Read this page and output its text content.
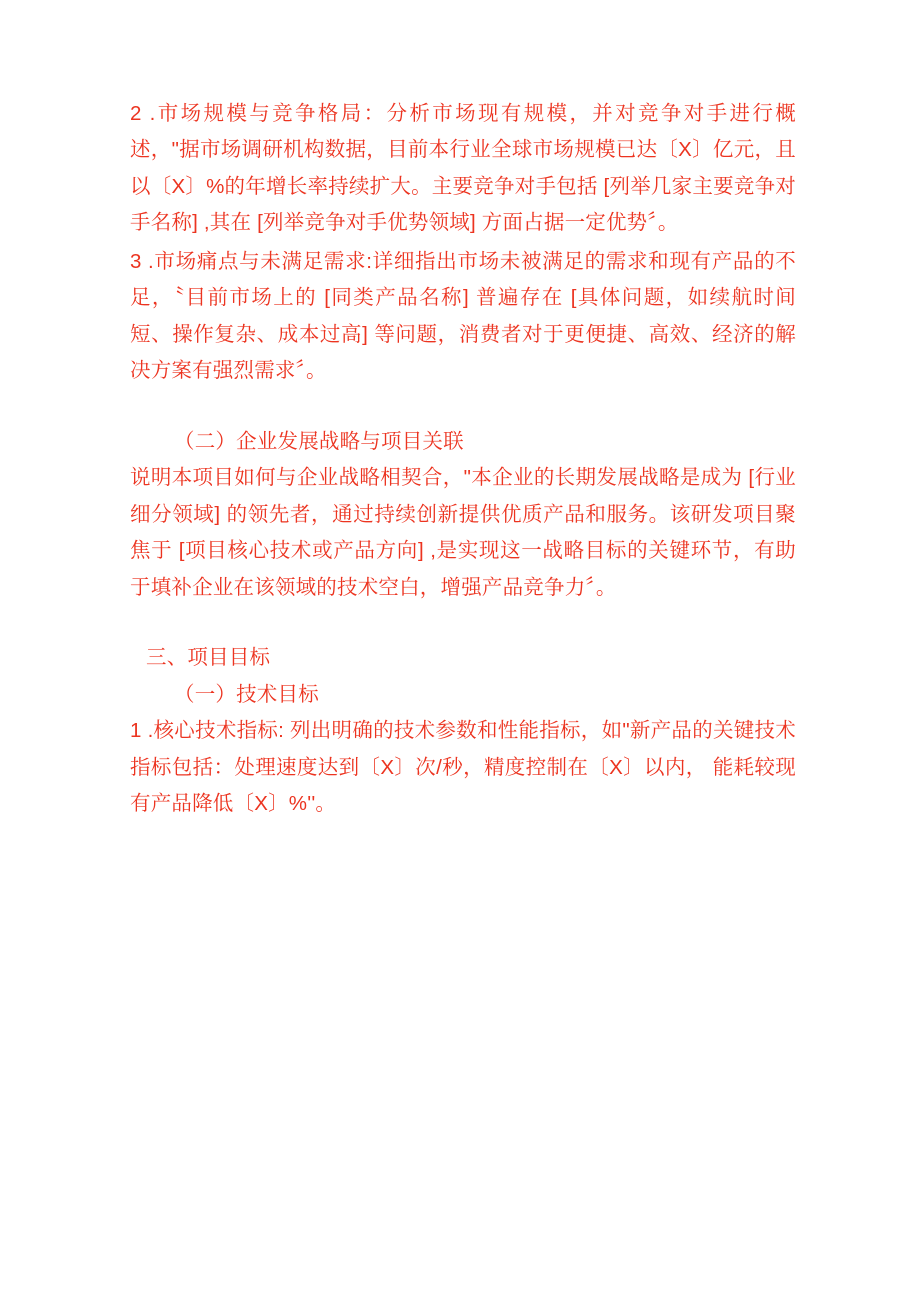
2 .市场规模与竞争格局：分析市场现有规模，并对竞争对手进行概述，"据市场调研机构数据，目前本行业全球市场规模已达〔X〕亿元，且以〔X〕%的年增长率持续扩大。主要竞争对手包括 [列举几家主要竞争对手名称] ,其在 [列举竞争对手优势领域] 方面占据一定优势〞。

3 .市场痛点与未满足需求:详细指出市场未被满足的需求和现有产品的不足，〝目前市场上的 [同类产品名称] 普遍存在 [具体问题，如续航时间短、操作复杂、成本过高] 等问题，消费者对于更便捷、高效、经济的解决方案有强烈需求〞。

（二）企业发展战略与项目关联

说明本项目如何与企业战略相契合，"本企业的长期发展战略是成为 [行业细分领域] 的领先者，通过持续创新提供优质产品和服务。该研发项目聚焦于 [项目核心技术或产品方向] ,是实现这一战略目标的关键环节，有助于填补企业在该领域的技术空白，增强产品竞争力〞。

三、项目目标

（一）技术目标

1 .核心技术指标: 列出明确的技术参数和性能指标，如"新产品的关键技术指标包括：处理速度达到〔X〕次/秒，精度控制在〔X〕以内， 能耗较现有产品降低〔X〕%''。
